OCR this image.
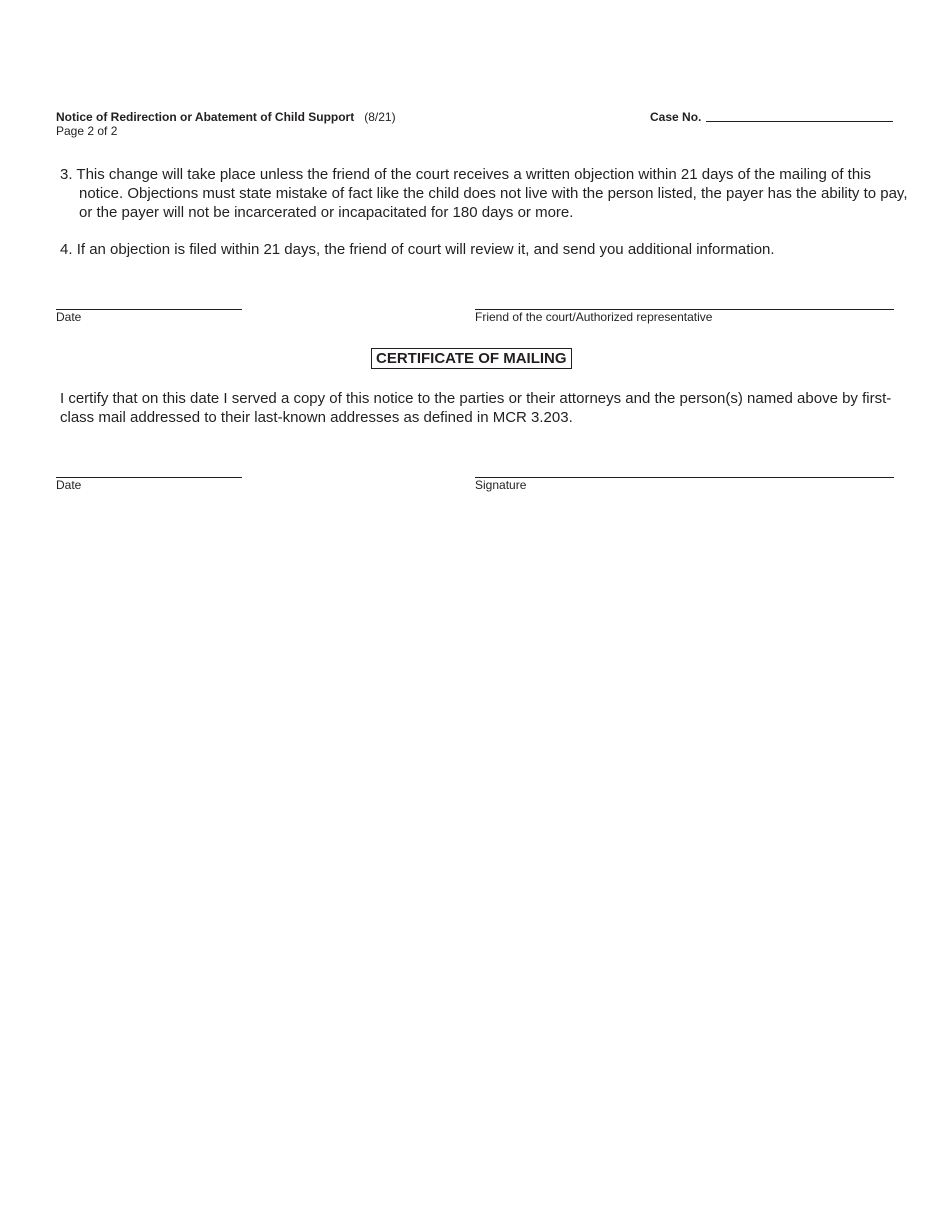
Notice of Redirection or Abatement of Child Support (8/21)
Page 2 of 2
Case No.
3. This change will take place unless the friend of the court receives a written objection within 21 days of the mailing of this notice. Objections must state mistake of fact like the child does not live with the person listed, the payer has the ability to pay, or the payer will not be incarcerated or incapacitated for 180 days or more.
4. If an objection is filed within 21 days, the friend of court will review it, and send you additional information.
Date	Friend of the court/Authorized representative
CERTIFICATE OF MAILING
I certify that on this date I served a copy of this notice to the parties or their attorneys and the person(s) named above by first-class mail addressed to their last-known addresses as defined in MCR 3.203.
Date	Signature
